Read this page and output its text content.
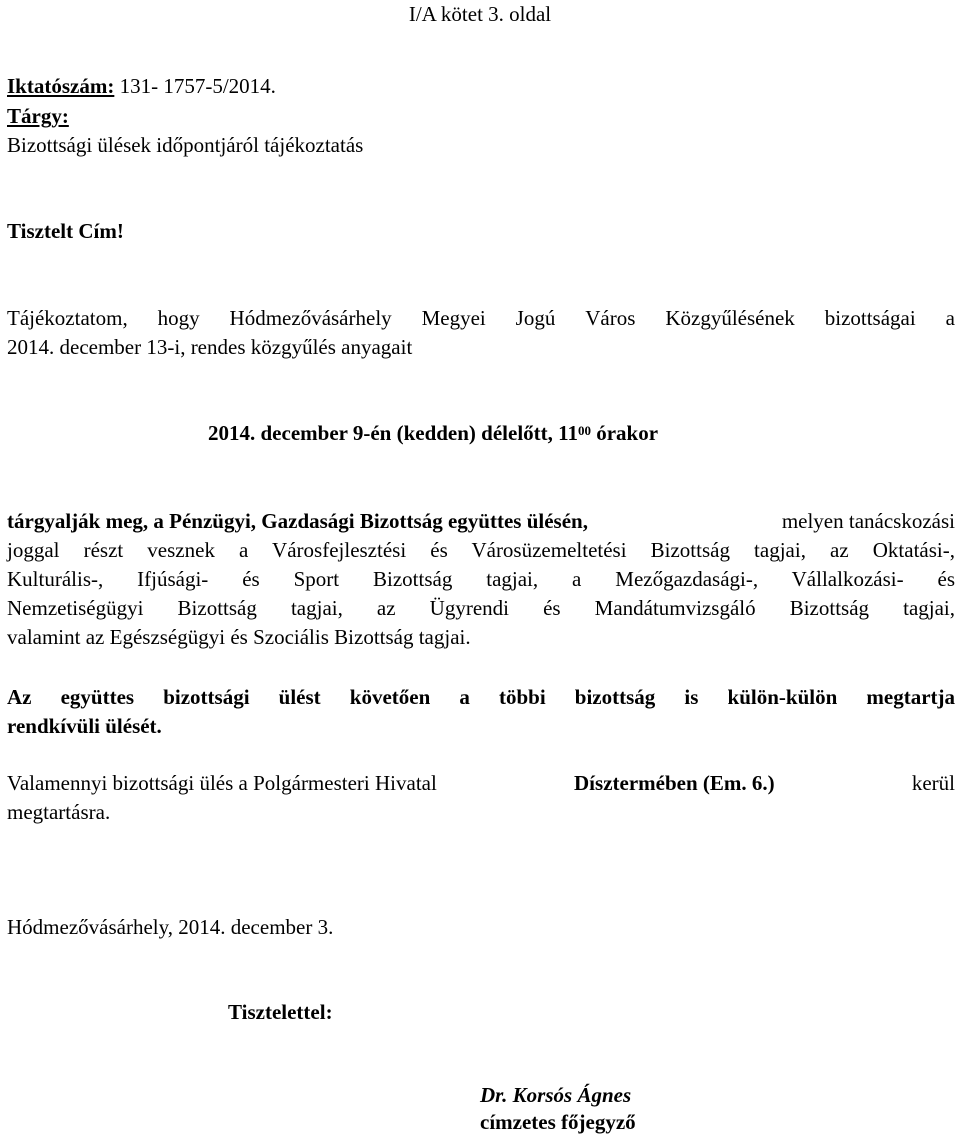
I/A kötet 3. oldal
Iktatószám: 131- 1757-5/2014.
Tárgy:
Bizottsági ülések időpontjáról tájékoztatás
Tisztelt Cím!
Tájékoztatom, hogy Hódmezővásárhely Megyei Jogú Város Közgyűlésének bizottságai a
2014. december 13-i, rendes közgyűlés anyagait
2014. december 9-én (kedden) délelőtt, $11^{00}$ órakor
tárgyalják meg, a Pénzügyi, Gazdasági Bizottság együttes ülésén,	melyen tanácskozási
joggal részt vesznek a Városfejlesztési és Városüzemeltetési Bizottság tagjai, az Oktatási-,
Kulturális-, Ifjúsági- és Sport Bizottság tagjai, a Mezőgazdasági-, Vállalkozási- és
Nemzetiségügyi Bizottság tagjai, az Ügyrendi és Mandátumvizsgáló Bizottság tagjai,
valamint az Egészségügyi és Szociális Bizottság tagjai.
Az együttes bizottsági ülést követően a többi bizottság is külön-külön megtartja
rendkívüli ülését.
Valamennyi bizottsági ülés a Polgármesteri Hivatal	Dísztermében (Em. 6.)	kerül
megtartásra.
Hódmezővásárhely, 2014. december 3.
Tisztelettel:
Dr. Korsós Ágnes
címzetes főjegyző
